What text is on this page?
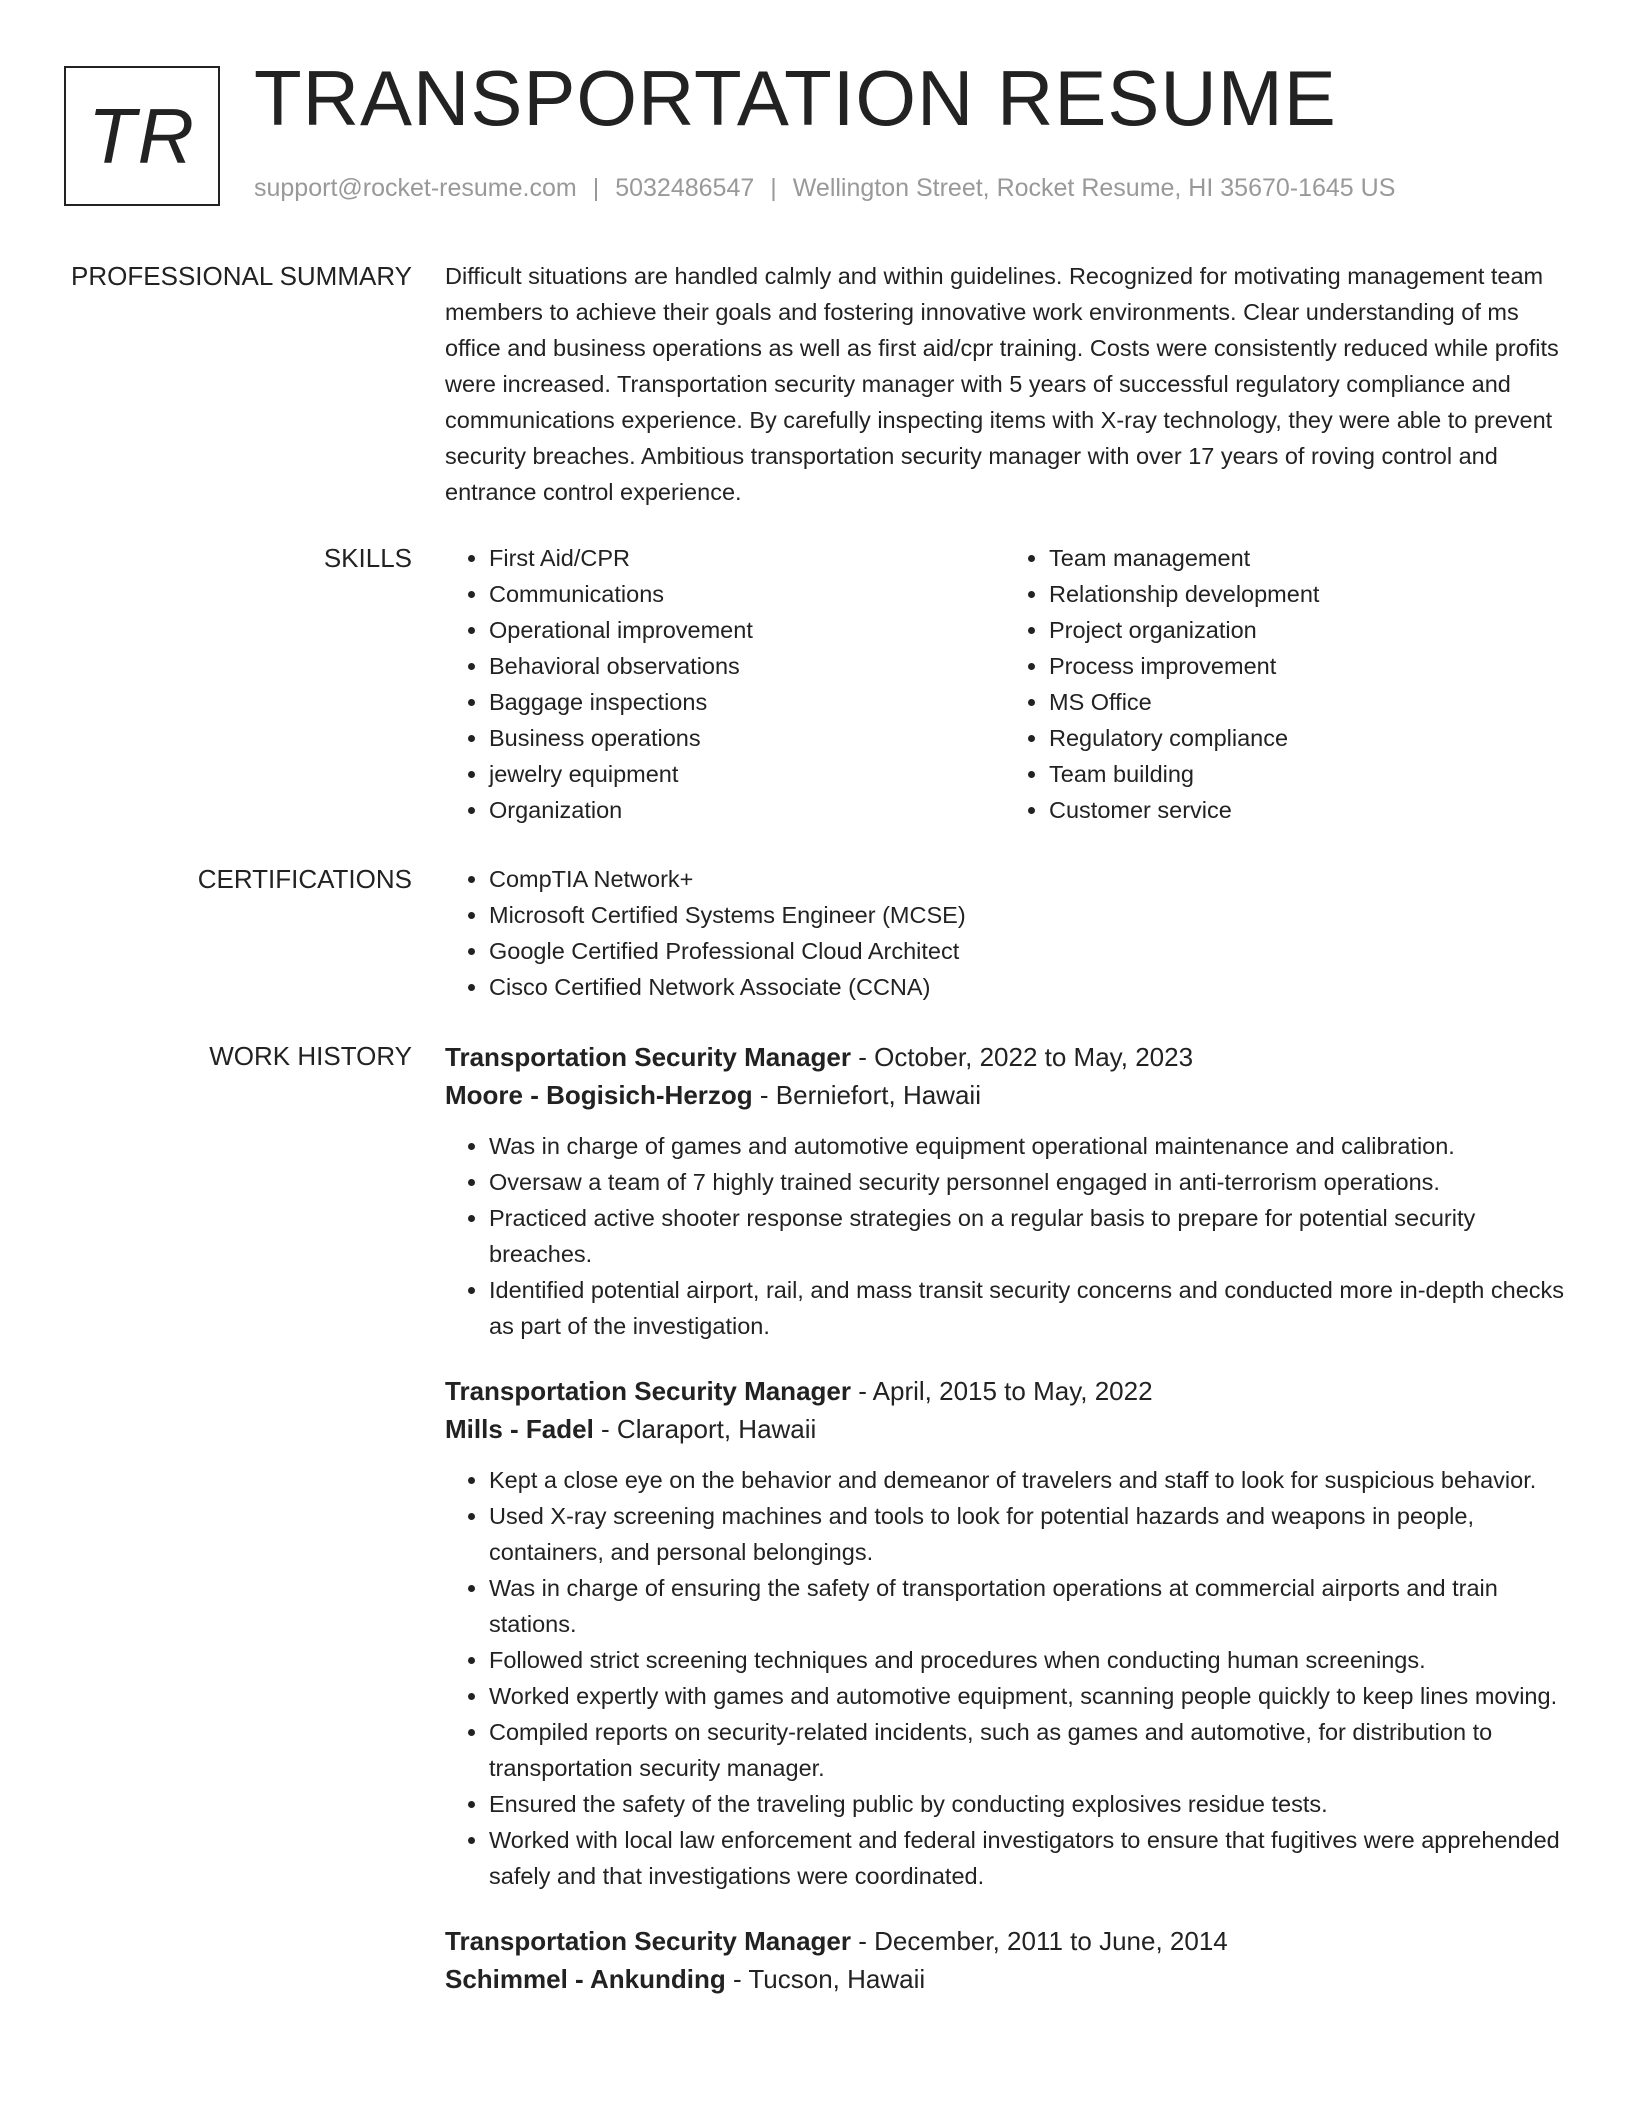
TR TRANSPORTATION RESUME
support@rocket-resume.com | 5032486547 | Wellington Street, Rocket Resume, HI 35670-1645 US
PROFESSIONAL SUMMARY Difficult situations are handled calmly and within guidelines. Recognized for motivating management team members to achieve their goals and fostering innovative work environments. Clear understanding of ms office and business operations as well as first aid/cpr training. Costs were consistently reduced while profits were increased. Transportation security manager with 5 years of successful regulatory compliance and communications experience. By carefully inspecting items with X-ray technology, they were able to prevent security breaches. Ambitious transportation security manager with over 17 years of roving control and entrance control experience.

SKILLS	• First Aid/CPR
• Communications
• Operational improvement
• Behavioral observations
• Baggage inspections
• Business operations
• jewelry equipment
• Organization
• Team management
• Relationship development
• Project organization
• Process improvement
• MS Office
• Regulatory compliance
• Team building
• Customer service
CERTIFICATIONS	• CompTIA Network+
• Microsoft Certified Systems Engineer (MCSE)
• Google Certified Professional Cloud Architect
• Cisco Certified Network Associate (CCNA)
WORK HISTORY Transportation Security Manager - October, 2022 to May, 2023
Moore - Bogisich-Herzog - Berniefort, Hawaii
• Was in charge of games and automotive equipment operational maintenance and calibration.
• Oversaw a team of 7 highly trained security personnel engaged in anti-terrorism operations.
• Practiced active shooter response strategies on a regular basis to prepare for potential security breaches.
• Identified potential airport, rail, and mass transit security concerns and conducted more in-depth checks as part of the investigation.
Transportation Security Manager - April, 2015 to May, 2022
Mills - Fadel - Claraport, Hawaii
• Kept a close eye on the behavior and demeanor of travelers and staff to look for suspicious behavior.
• Used X-ray screening machines and tools to look for potential hazards and weapons in people, containers, and personal belongings.
• Was in charge of ensuring the safety of transportation operations at commercial airports and train stations.
• Followed strict screening techniques and procedures when conducting human screenings.
• Worked expertly with games and automotive equipment, scanning people quickly to keep lines moving.
• Compiled reports on security-related incidents, such as games and automotive, for distribution to transportation security manager.
• Ensured the safety of the traveling public by conducting explosives residue tests.
• Worked with local law enforcement and federal investigators to ensure that fugitives were apprehended safely and that investigations were coordinated.
Transportation Security Manager - December, 2011 to June, 2014
Schimmel - Ankunding - Tucson, Hawaii
